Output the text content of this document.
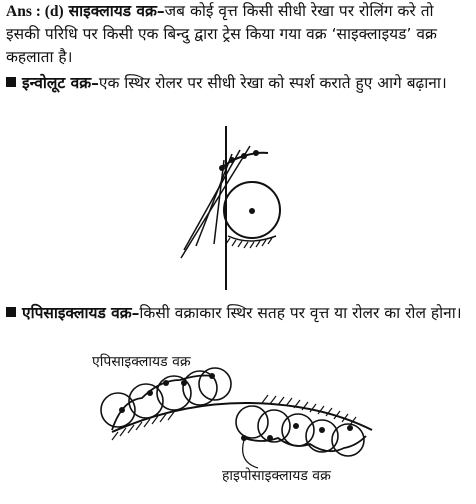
Ans : (d) साइक्लायड वक्र–जब कोई वृत्त किसी सीधी रेखा पर रोलिंग करे तो इसकी परिधि पर किसी एक बिन्दु द्वारा ट्रेस किया गया वक्र ‘साइक्लाइयड’ वक्र कहलाता है।
इन्वोलूट वक्र–एक स्थिर रोलर पर सीधी रेखा को स्पर्श कराते हुए आगे बढ़ाना।
एपिसाइक्लायड वक्र–किसी वक्राकार स्थिर सतह पर वृत्त या रोलर का रोल होना।
एपिसाइक्लायड वक्र
हाइपोसाइक्लायड वक्र
